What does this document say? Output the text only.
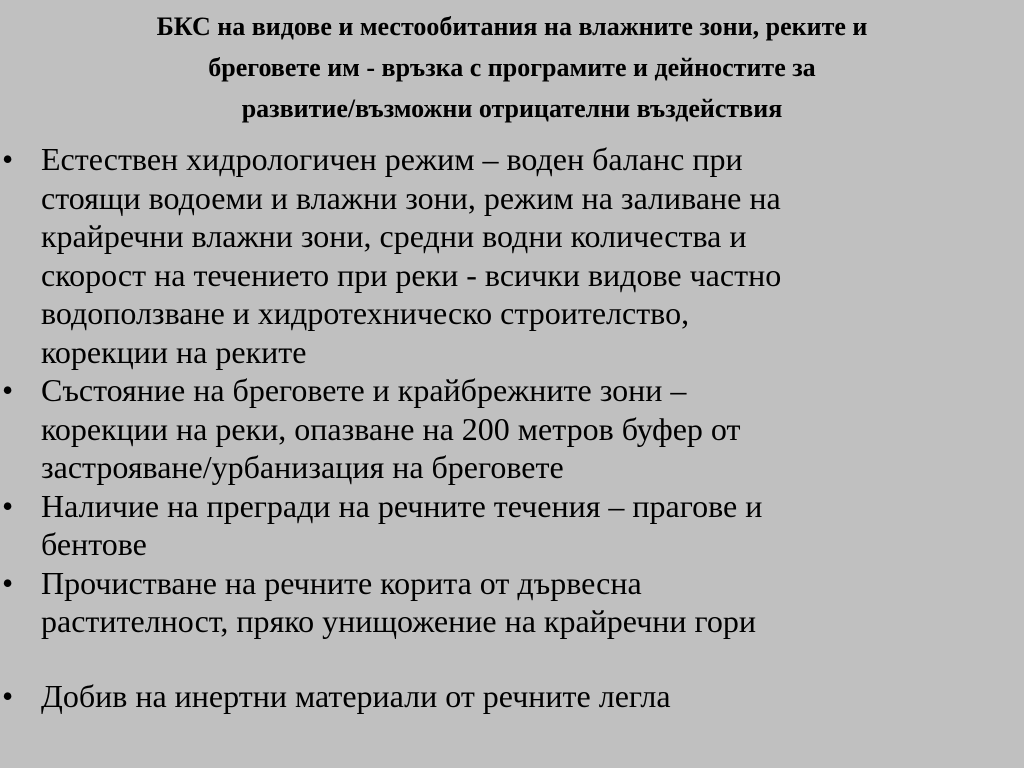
БКС на видове и местообитания на влажните зони, реките и
бреговете им - връзка с програмите и дейностите за
развитие/възможни отрицателни въздействия
• Естествен хидрологичен режим – воден баланс при
стоящи водоеми и влажни зони, режим на заливане на
крайречни влажни зони, средни водни количества и
скорост на течението при реки - всички видове частно
водоползване и хидротехническо строителство,
корекции на реките
• Състояние на бреговете и крайбрежните зони –
корекции на реки, опазване на 200 метров буфер от
застрояване/урбанизация на бреговете
• Наличие на прегради на речните течения – прагове и
бентове
• Прочистване на речните корита от дървесна
растителност, пряко унищожение на крайречни гори
• Добив на инертни материали от речните легла
